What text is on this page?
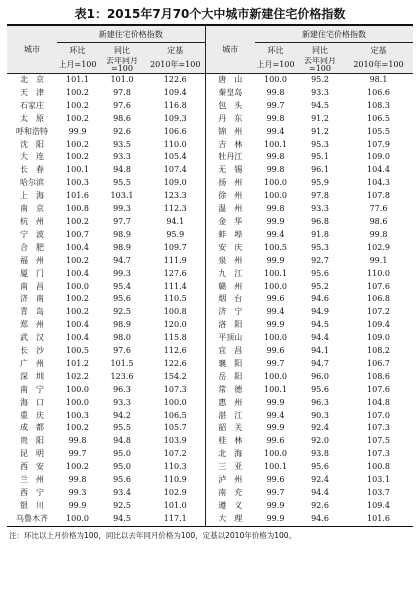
表1：2015年7月70个大中城市新建住宅价格指数
城市	新建住宅价格指数			城市	新建住宅价格指数		
	环比	同比	定基		环比	同比	定基
	上月=100	去年同月=100	2010年=100		上月=100	去年同月=100	2010年=100
北　京	101.1	101.0	122.6	唐　山	100.0	95.2	98.1
天　津	100.2	97.8	109.4	秦皇岛	99.8	93.3	106.6
石家庄	100.2	97.6	116.8	包　头	99.7	94.5	108.3
太　原	100.2	98.6	109.3	丹　东	99.8	91.2	106.5
呼和浩特	99.9	92.6	106.6	锦　州	99.4	91.2	105.5
沈　阳	100.2	93.5	110.0	吉　林	100.1	95.3	107.9
大　连	100.2	93.3	105.4	牡丹江	99.8	95.1	109.0
长　春	100.1	94.8	107.4	无　锡	99.8	96.1	104.4
哈尔滨	100.3	95.5	109.0	扬　州	100.0	95.9	104.3
上　海	101.6	103.1	123.3	徐　州	100.0	97.8	107.8
南　京	100.8	99.3	112.3	温　州	99.8	93.3	77.6
杭　州	100.2	97.7	94.1	金　华	99.9	96.8	98.6
宁　波	100.7	98.9	95.9	蚌　埠	99.4	91.8	99.8
合　肥	100.4	98.9	109.7	安　庆	100.5	95.3	102.9
福　州	100.2	94.7	111.9	泉　州	99.9	92.7	99.1
厦　门	100.4	99.3	127.6	九　江	100.1	95.6	110.0
南　昌	100.0	95.4	111.4	赣　州	100.0	95.2	107.6
济　南	100.2	95.6	110.5	烟　台	99.6	94.6	106.8
青　岛	100.2	92.5	100.8	济　宁	99.4	94.9	107.2
郑　州	100.4	98.9	120.0	洛　阳	99.9	94.5	109.4
武　汉	100.4	98.0	115.8	平顶山	100.0	94.4	109.0
长　沙	100.5	97.6	112.6	宜　昌	99.6	94.1	108.2
广　州	101.2	101.5	122.6	襄　阳	99.7	94.7	106.7
深　圳	102.2	123.6	154.2	岳　阳	100.0	96.0	108.6
南　宁	100.0	96.3	107.3	常　德	100.1	95.6	107.6
海　口	100.0	93.3	100.0	惠　州	99.9	96.3	104.8
重　庆	100.3	94.2	106.5	湛　江	99.4	90.3	107.0
成　都	100.2	95.5	105.7	韶　关	99.9	92.4	107.3
贵　阳	99.8	94.8	103.9	桂　林	99.6	92.0	107.5
昆　明	99.7	95.0	107.2	北　海	100.0	93.8	107.3
西　安	100.2	95.0	110.3	三　亚	100.1	95.6	100.8
兰　州	99.8	95.6	110.9	泸　州	99.6	92.4	103.1
西　宁	99.3	93.4	102.9	南　充	99.7	94.4	103.7
银　川	99.9	92.5	101.0	遵　义	99.9	92.6	109.4
乌鲁木齐	100.0	94.5	117.1	大　理	99.9	94.6	101.6
注：环比以上月价格为100，同比以去年同月价格为100，定基以2010年价格为100。
